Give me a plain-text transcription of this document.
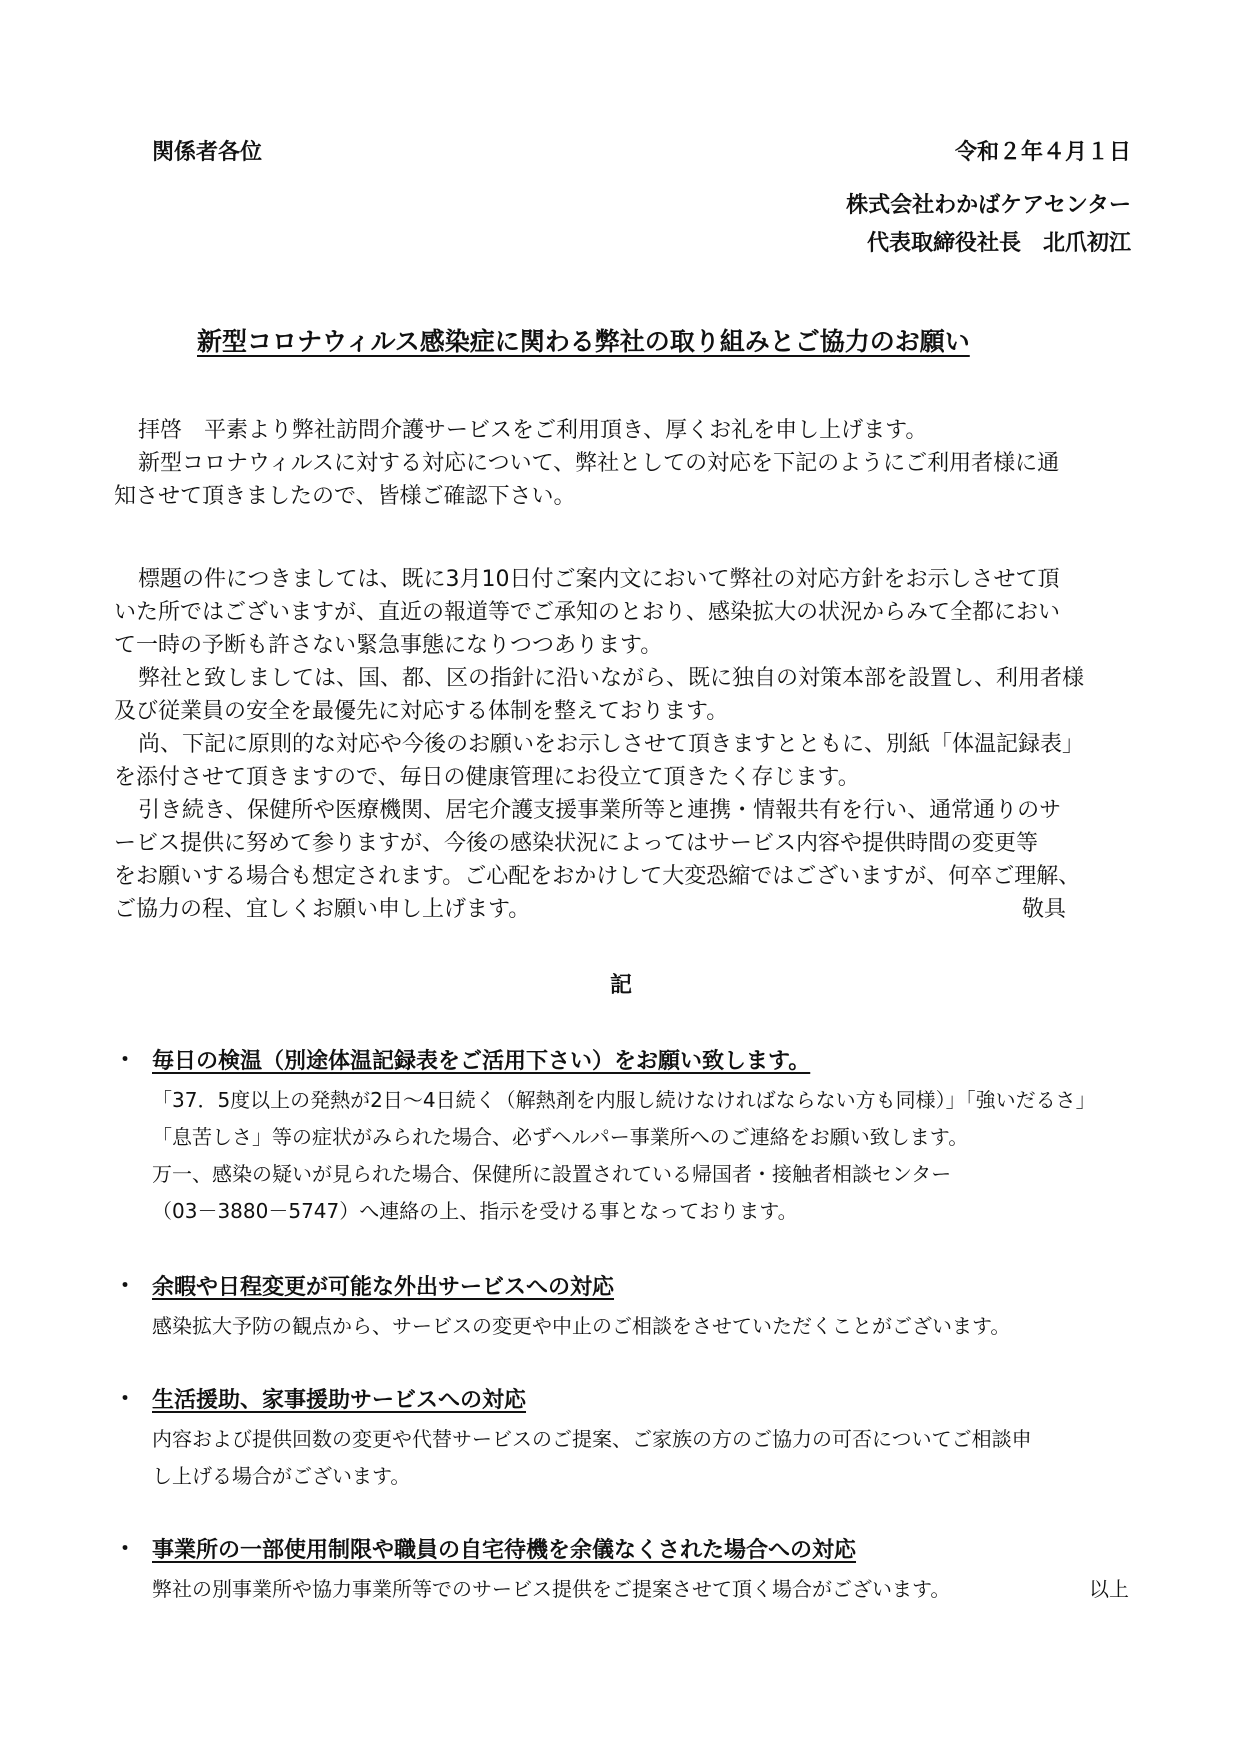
関係者各位	令和２年４月１日
株式会社わかばケアセンター
代表取締役社長　北爪初江
新型コロナウィルス感染症に関わる弊社の取り組みとご協力のお願い

拝啓　平素より弊社訪問介護サービスをご利用頂き、厚くお礼を申し上げます。

新型コロナウィルスに対する対応について、弊社としての対応を下記のようにご利用者様に通

知させて頂きましたので、皆様ご確認下さい。

標題の件につきましては、既に3月10日付ご案内文において弊社の対応方針をお示しさせて頂

いた所ではございますが、直近の報道等でご承知のとおり、感染拡大の状況からみて全都におい

て一時の予断も許さない緊急事態になりつつあります。

弊社と致しましては、国、都、区の指針に沿いながら、既に独自の対策本部を設置し、利用者様

及び従業員の安全を最優先に対応する体制を整えております。

尚、下記に原則的な対応や今後のお願いをお示しさせて頂きますとともに、別紙「体温記録表」

を添付させて頂きますので、毎日の健康管理にお役立て頂きたく存じます。

引き続き、保健所や医療機関、居宅介護支援事業所等と連携・情報共有を行い、通常通りのサ

ービス提供に努めて参りますが、今後の感染状況によってはサービス内容や提供時間の変更等

をお願いする場合も想定されます。ご心配をおかけして大変恐縮ではございますが、何卒ご理解、

ご協力の程、宜しくお願い申し上げます。	敬具

記
・ 毎日の検温（別途体温記録表をご活用下さい）をお願い致します。
「37．5度以上の発熱が2日～4日続く（解熱剤を内服し続けなければならない方も同様）」「強いだるさ」
「息苦しさ」等の症状がみられた場合、必ずヘルパー事業所へのご連絡をお願い致します。
万一、感染の疑いが見られた場合、保健所に設置されている帰国者・接触者相談センター
（03－3880－5747）へ連絡の上、指示を受ける事となっております。
・ 余暇や日程変更が可能な外出サービスへの対応
感染拡大予防の観点から、サービスの変更や中止のご相談をさせていただくことがございます。
・ 生活援助、家事援助サービスへの対応
内容および提供回数の変更や代替サービスのご提案、ご家族の方のご協力の可否についてご相談申
し上げる場合がございます。
・ 事業所の一部使用制限や職員の自宅待機を余儀なくされた場合への対応
弊社の別事業所や協力事業所等でのサービス提供をご提案させて頂く場合がございます。	以上
